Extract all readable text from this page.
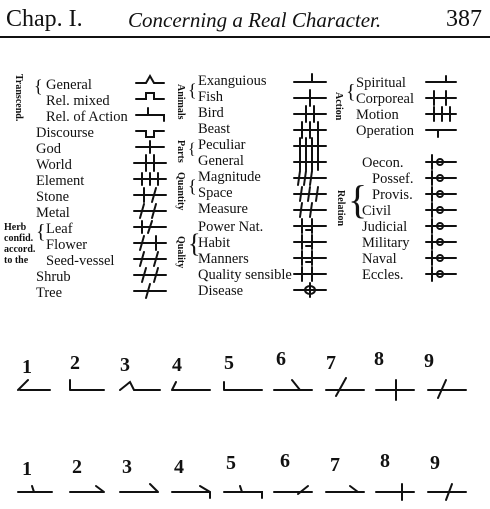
Chap. I. Concerning a Real Character.	387
Transcend. { General
Rel. mixed
Rel. of Action
Discourse
God
World
Element
Stone
Metal
Herb confid. accord. to the
{ Leaf
Flower
Seed-vessel
Shrub
Tree
Animals { Exanguious
Fish
Bird
Beast
Parts { Peculiar
General
Quantity { Magnitude
Space
Measure
Quality {
Power Nat.
Habit
Manners
Quality sensible
Disease
Action { Spiritual
Corporeal
Motion
Operation
Relation {
Oecon.
Possef.
Provis.
Civil
Judicial
Military
Naval
Eccles.
1 2 3 4 5 6 7 8 9
1 2 3 4 5 6 7 8 9
